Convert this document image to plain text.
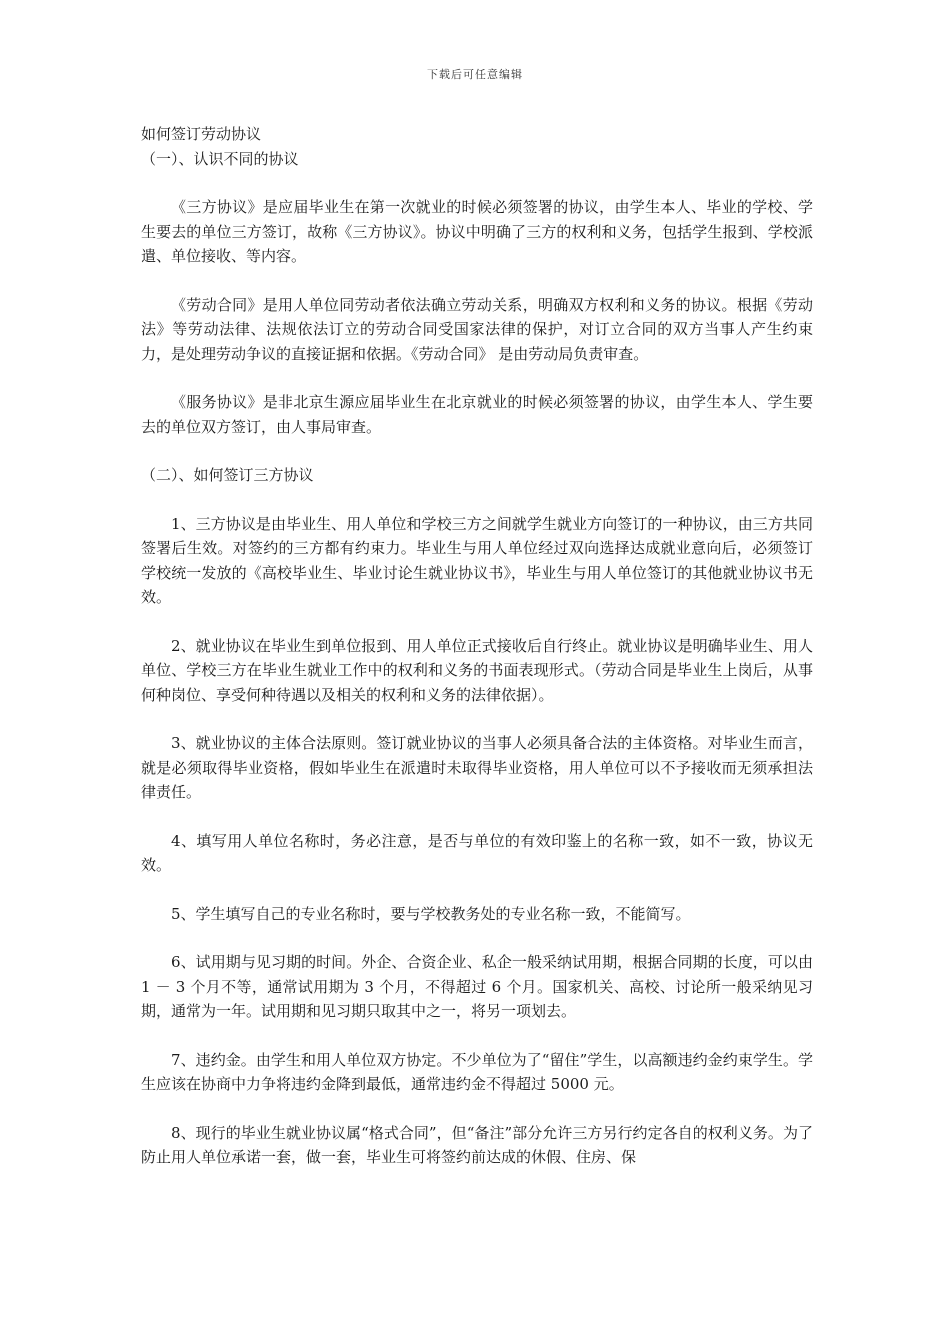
下载后可任意编辑

如何签订劳动协议

（一）、认识不同的协议

《三方协议》是应届毕业生在第一次就业的时候必须签署的协议，由学生本人、毕业的学校、学生要去的单位三方签订，故称《三方协议》。协议中明确了三方的权利和义务，包括学生报到、学校派遣、单位接收、等内容。

《劳动合同》是用人单位同劳动者依法确立劳动关系，明确双方权利和义务的协议。根据《劳动法》等劳动法律、法规依法订立的劳动合同受国家法律的保护，对订立合同的双方当事人产生约束力，是处理劳动争议的直接证据和依据。《劳动合同》 是由劳动局负责审查。

《服务协议》是非北京生源应届毕业生在北京就业的时候必须签署的协议，由学生本人、学生要去的单位双方签订，由人事局审查。

（二）、如何签订三方协议

1、三方协议是由毕业生、用人单位和学校三方之间就学生就业方向签订的一种协议，由三方共同签署后生效。对签约的三方都有约束力。毕业生与用人单位经过双向选择达成就业意向后，必须签订学校统一发放的《高校毕业生、毕业讨论生就业协议书》，毕业生与用人单位签订的其他就业协议书无效。

2、就业协议在毕业生到单位报到、用人单位正式接收后自行终止。就业协议是明确毕业生、用人单位、学校三方在毕业生就业工作中的权利和义务的书面表现形式。（劳动合同是毕业生上岗后，从事何种岗位、享受何种待遇以及相关的权利和义务的法律依据）。

3、就业协议的主体合法原则。签订就业协议的当事人必须具备合法的主体资格。对毕业生而言，就是必须取得毕业资格，假如毕业生在派遣时未取得毕业资格，用人单位可以不予接收而无须承担法律责任。

4、填写用人单位名称时，务必注意，是否与单位的有效印鉴上的名称一致，如不一致，协议无效。

5、学生填写自己的专业名称时，要与学校教务处的专业名称一致，不能简写。

6、试用期与见习期的时间。外企、合资企业、私企一般采纳试用期，根据合同期的长度，可以由 1 － 3 个月不等，通常试用期为 3 个月，不得超过 6 个月。国家机关、高校、讨论所一般采纳见习期，通常为一年。试用期和见习期只取其中之一，将另一项划去。

7、违约金。由学生和用人单位双方协定。不少单位为了“留住”学生，以高额违约金约束学生。学生应该在协商中力争将违约金降到最低，通常违约金不得超过 5000 元。

8、现行的毕业生就业协议属“格式合同”，但“备注”部分允许三方另行约定各自的权利义务。为了防止用人单位承诺一套，做一套，毕业生可将签约前达成的休假、住房、保
